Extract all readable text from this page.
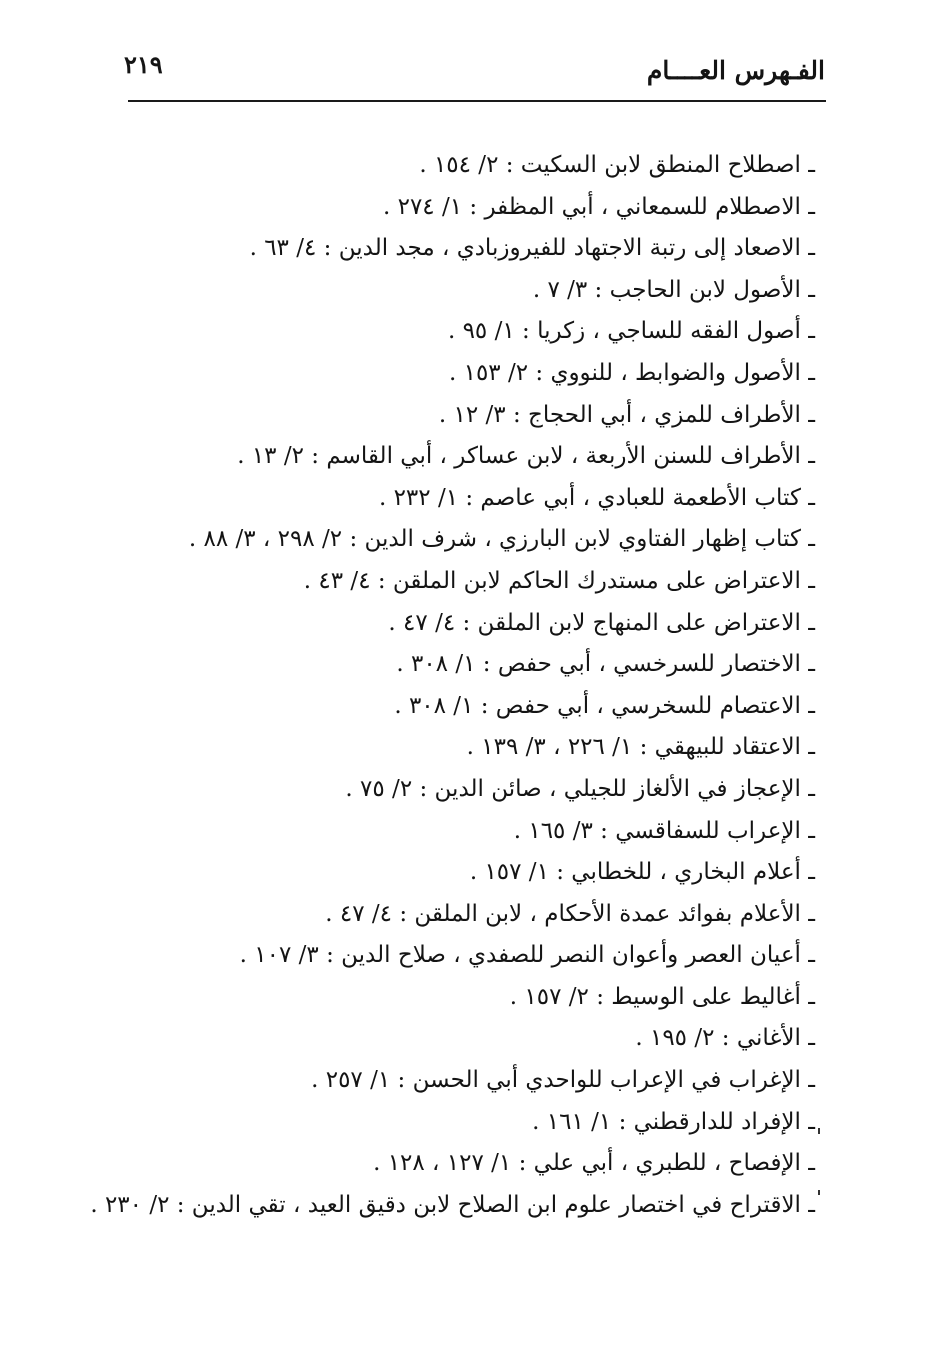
الفـهرس العــــام
٢١٩
ـ اصطلاح المنطق لابن السكيت : ٢/ ١٥٤ .
ـ الاصطلام للسمعاني ، أبي المظفر : ١/ ٢٧٤ .
ـ الاصعاد إلى رتبة الاجتهاد للفيروزبادي ، مجد الدين : ٤/ ٦٣ .
ـ الأصول لابن الحاجب : ٣/ ٧ .
ـ أصول الفقه للساجي ، زكريا : ١/ ٩٥ .
ـ الأصول والضوابط ، للنووي : ٢/ ١٥٣ .
ـ الأطراف للمزي ، أبي الحجاج : ٣/ ١٢ .
ـ الأطراف للسنن الأربعة ، لابن عساكر ، أبي القاسم : ٢/ ١٣ .
ـ كتاب الأطعمة للعبادي ، أبي عاصم : ١/ ٢٣٢ .
ـ كتاب إظهار الفتاوي لابن البارزي ، شرف الدين : ٢/ ٢٩٨ ، ٣/ ٨٨ .
ـ الاعتراض على مستدرك الحاكم لابن الملقن : ٤/ ٤٣ .
ـ الاعتراض على المنهاج لابن الملقن : ٤/ ٤٧ .
ـ الاختصار للسرخسي ، أبي حفص : ١/ ٣٠٨ .
ـ الاعتصام للسخرسي ، أبي حفص : ١/ ٣٠٨ .
ـ الاعتقاد للبيهقي : ١/ ٢٢٦ ، ٣/ ١٣٩ .
ـ الإعجاز في الألغاز للجيلي ، صائن الدين : ٢/ ٧٥ .
ـ الإعراب للسفاقسي : ٣/ ١٦٥ .
ـ أعلام البخاري ، للخطابي : ١/ ١٥٧ .
ـ الأعلام بفوائد عمدة الأحكام ، لابن الملقن : ٤/ ٤٧ .
ـ أعيان العصر وأعوان النصر للصفدي ، صلاح الدين : ٣/ ١٠٧ .
ـ أغاليط على الوسيط : ٢/ ١٥٧ .
ـ الأغاني : ٢/ ١٩٥ .
ـ الإغراب في الإعراب للواحدي أبي الحسن : ١/ ٢٥٧ .
ـ الإفراد للدارقطني : ١/ ١٦١ .
ـ الإفصاح ، للطبري ، أبي علي : ١/ ١٢٧ ، ١٢٨ .
ـ الاقتراح في اختصار علوم ابن الصلاح لابن دقيق العيد ، تقي الدين : ٢/ ٢٣٠ .
